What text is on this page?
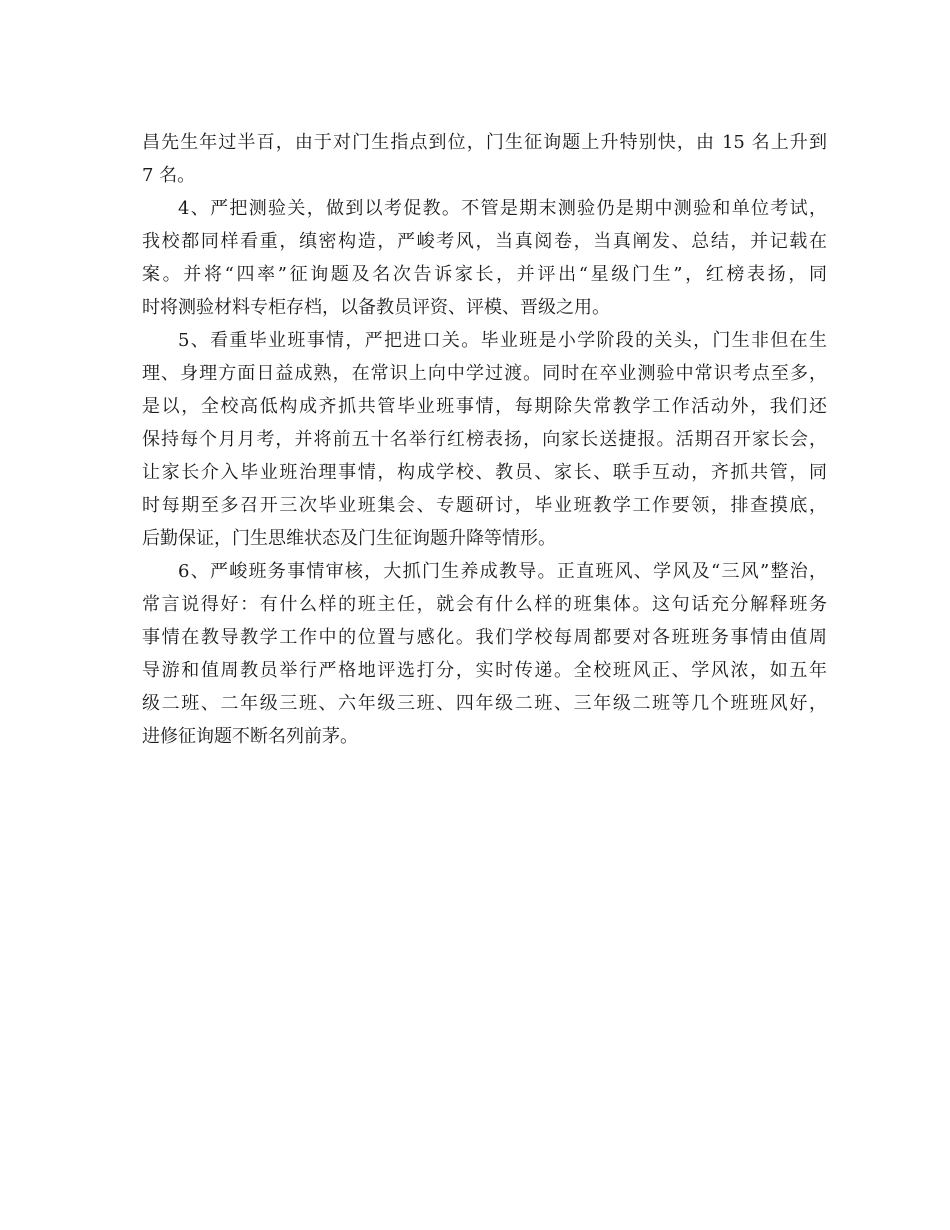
昌先生年过半百，由于对门生指点到位，门生征询题上升特别快，由 15 名上升到
7 名。
4、严把测验关，做到以考促教。不管是期末测验仍是期中测验和单位考试，
我校都同样看重，缜密构造，严峻考风，当真阅卷，当真阐发、总结，并记载在
案。并将“四率”征询题及名次告诉家长，并评出“星级门生”，红榜表扬，同
时将测验材料专柜存档，以备教员评资、评模、晋级之用。
5、看重毕业班事情，严把进口关。毕业班是小学阶段的关头，门生非但在生
理、身理方面日益成熟，在常识上向中学过渡。同时在卒业测验中常识考点至多，
是以，全校高低构成齐抓共管毕业班事情，每期除失常教学工作活动外，我们还
保持每个月月考，并将前五十名举行红榜表扬，向家长送捷报。活期召开家长会，
让家长介入毕业班治理事情，构成学校、教员、家长、联手互动，齐抓共管，同
时每期至多召开三次毕业班集会、专题研讨，毕业班教学工作要领，排查摸底，
后勤保证，门生思维状态及门生征询题升降等情形。
6、严峻班务事情审核，大抓门生养成教导。正直班风、学风及“三风”整治，
常言说得好：有什么样的班主任，就会有什么样的班集体。这句话充分解释班务
事情在教导教学工作中的位置与感化。我们学校每周都要对各班班务事情由值周
导游和值周教员举行严格地评选打分，实时传递。全校班风正、学风浓，如五年
级二班、二年级三班、六年级三班、四年级二班、三年级二班等几个班班风好，
进修征询题不断名列前茅。
